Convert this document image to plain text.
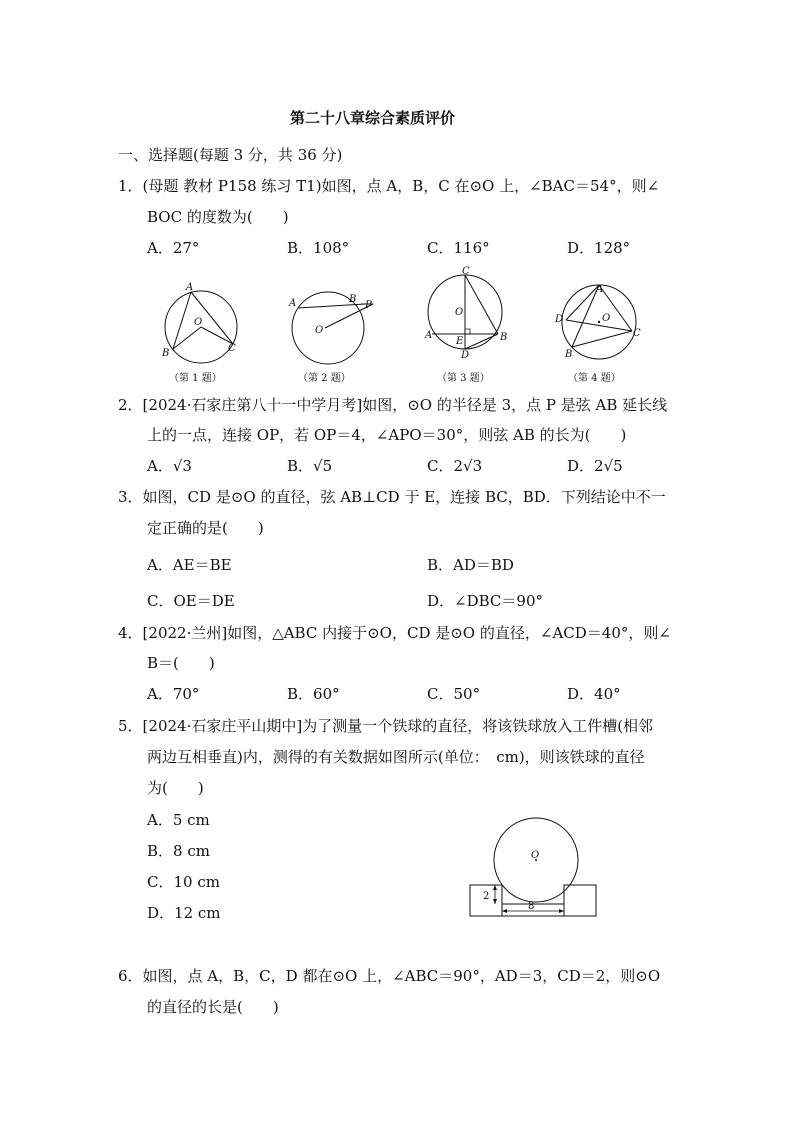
第二十八章综合素质评价
一、选择题(每题 3 分，共 36 分)
1．(母题 教材 P158 练习 T1)如图，点 A，B，C 在⊙O 上，∠BAC＝54°，则∠
BOC 的度数为(　　)
A．27°	B．108°	C．116°	D．128°
A
O
B	C
（第 1 题）
A	B
P
O
（第 2 题）
C
O
A
E	B
D
（第 3 题）
A
D	O
C
B
（第 4 题）
2．[2024·石家庄第八十一中学月考]如图，⊙O 的半径是 3，点 P 是弦 AB 延长线
上的一点，连接 OP，若 OP＝4，∠APO＝30°，则弦 AB 的长为(　　)
A．√3	B．√5	C．2√3	D．2√5
3．如图，CD 是⊙O 的直径，弦 AB⊥CD 于 E，连接 BC，BD．下列结论中不一
定正确的是(　　)
A．AE＝BE	B．AD＝BD
C．OE＝DE	D．∠DBC＝90°
4．[2022·兰州]如图，△ABC 内接于⊙O，CD 是⊙O 的直径，∠ACD＝40°，则∠
B＝(　　)
A．70°	B．60°	C．50°	D．40°
5．[2024·石家庄平山期中]为了测量一个铁球的直径，将该铁球放入工件槽(相邻
两边互相垂直)内，测得的有关数据如图所示(单位：　cm)，则该铁球的直径
为(　　)
A．5 cm
B．8 cm
C．10 cm
D．12 cm
O
2
8
6．如图，点 A，B，C，D 都在⊙O 上，∠ABC＝90°，AD＝3，CD＝2，则⊙O
的直径的长是(　　)
